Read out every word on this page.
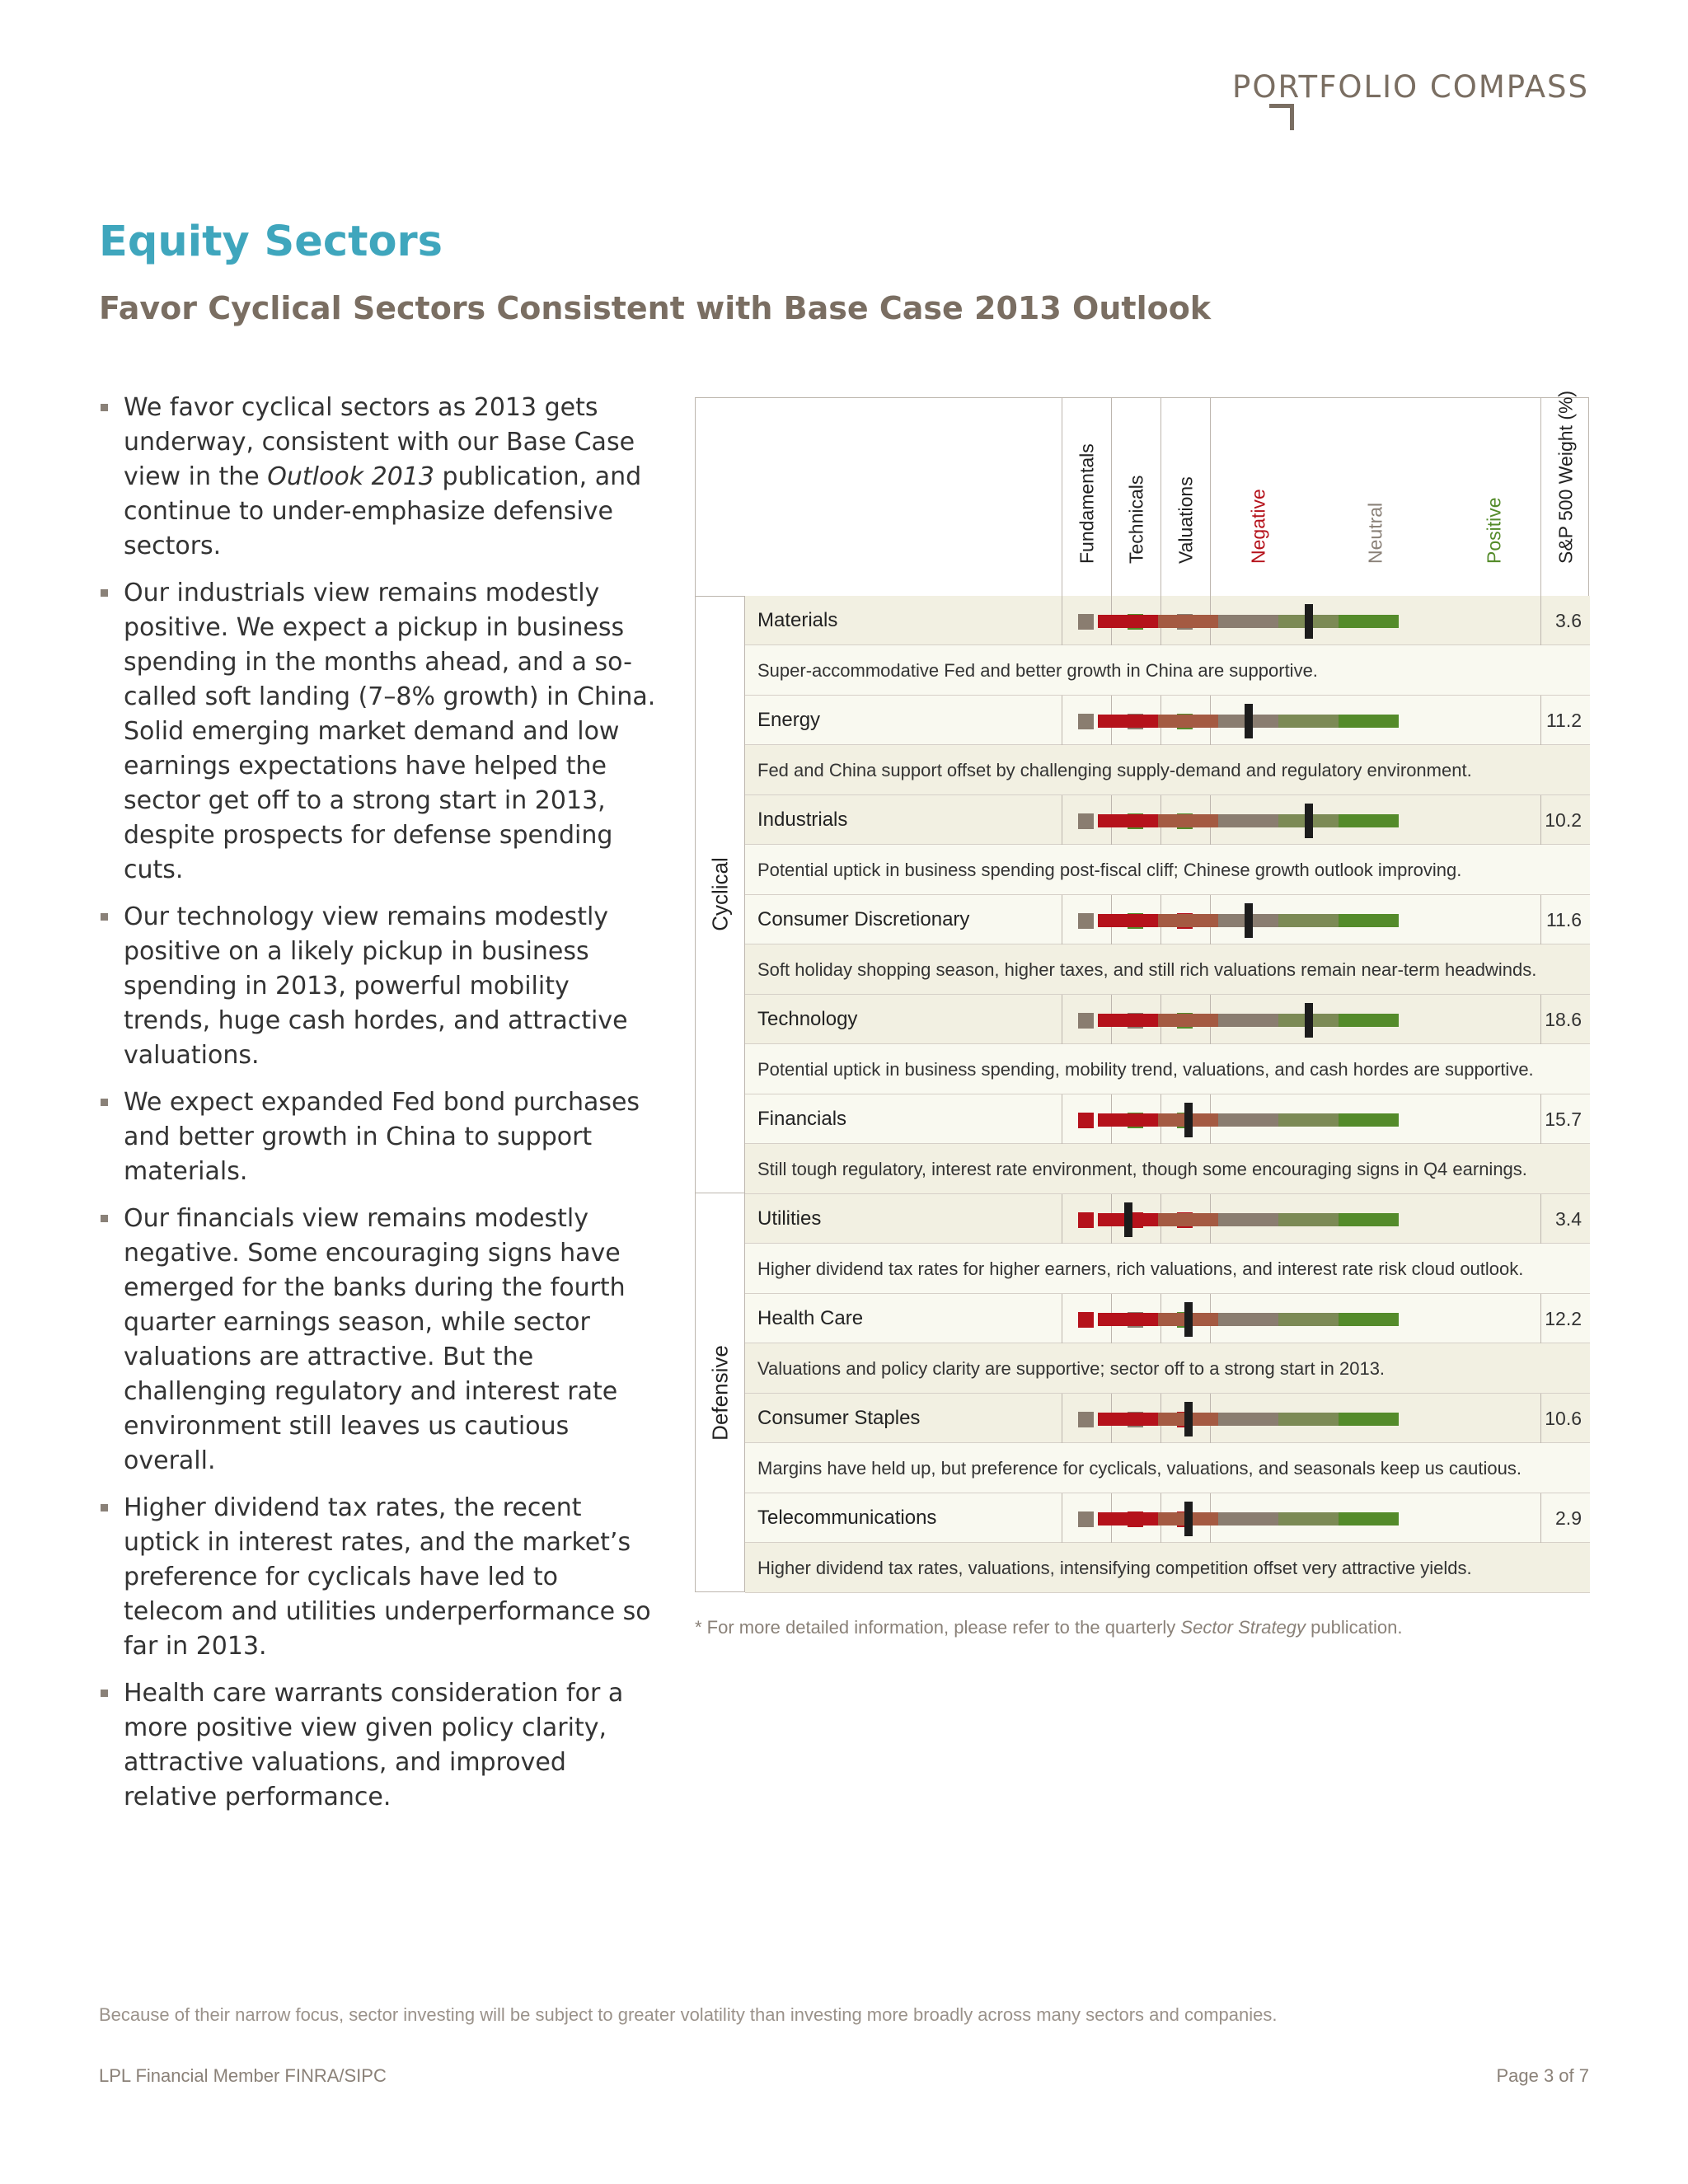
PORTFOLIO COMPASS
Equity Sectors
Favor Cyclical Sectors Consistent with Base Case 2013 Outlook
We favor cyclical sectors as 2013 gets underway, consistent with our Base Case view in the Outlook 2013 publication, and continue to under-emphasize defensive sectors.
Our industrials view remains modestly positive. We expect a pickup in business spending in the months ahead, and a so-called soft landing (7–8% growth) in China. Solid emerging market demand and low earnings expectations have helped the sector get off to a strong start in 2013, despite prospects for defense spending cuts.
Our technology view remains modestly positive on a likely pickup in business spending in 2013, powerful mobility trends, huge cash hordes, and attractive valuations.
We expect expanded Fed bond purchases and better growth in China to support materials.
Our financials view remains modestly negative. Some encouraging signs have emerged for the banks during the fourth quarter earnings season, while sector valuations are attractive. But the challenging regulatory and interest rate environment still leaves us cautious overall.
Higher dividend tax rates, the recent uptick in interest rates, and the market’s preference for cyclicals have led to telecom and utilities underperformance so far in 2013.
Health care warrants consideration for a more positive view given policy clarity, attractive valuations, and improved relative performance.
Fundamentals Technicals Valuations	Negative	Neutral	Positive	S&P 500 Weight (%)
Cyclical
Defensive
Materials	3.6
Super-accommodative Fed and better growth in China are supportive.
Energy	11.2
Fed and China support offset by challenging supply-demand and regulatory environment.
Industrials	10.2
Potential uptick in business spending post-fiscal cliff; Chinese growth outlook improving.
Consumer Discretionary	11.6
Soft holiday shopping season, higher taxes, and still rich valuations remain near-term headwinds.
Technology	18.6
Potential uptick in business spending, mobility trend, valuations, and cash hordes are supportive.
Financials	15.7
Still tough regulatory, interest rate environment, though some encouraging signs in Q4 earnings.
Utilities	3.4
Higher dividend tax rates for higher earners, rich valuations, and interest rate risk cloud outlook.
Health Care	12.2
Valuations and policy clarity are supportive; sector off to a strong start in 2013.
Consumer Staples	10.6
Margins have held up, but preference for cyclicals, valuations, and seasonals keep us cautious.
Telecommunications	2.9
Higher dividend tax rates, valuations, intensifying competition offset very attractive yields.
* For more detailed information, please refer to the quarterly Sector Strategy publication.
Because of their narrow focus, sector investing will be subject to greater volatility than investing more broadly across many sectors and companies.
LPL Financial Member FINRA/SIPC	Page 3 of 7
